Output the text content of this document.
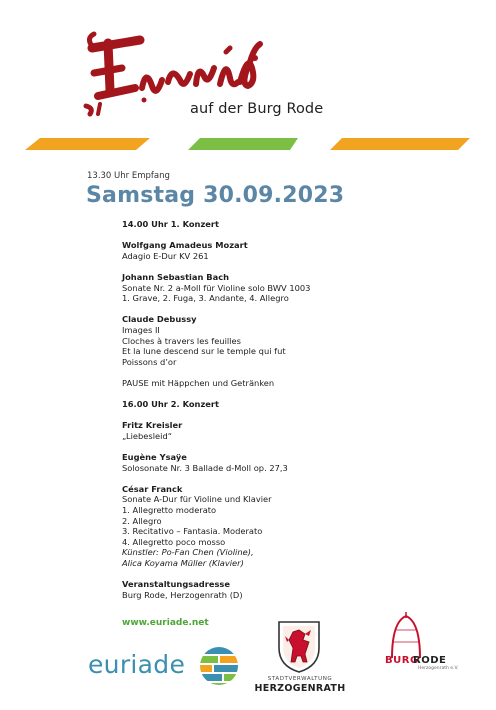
auf der Burg Rode
13.30 Uhr Empfang
Samstag 30.09.2023
14.00 Uhr 1. Konzert
Wolfgang Amadeus Mozart
Adagio E-Dur KV 261
Johann Sebastian Bach
Sonate Nr. 2 a-Moll für Violine solo BWV 1003
1. Grave, 2. Fuga, 3. Andante, 4. Allegro
Claude Debussy
Images II
Cloches à travers les feuilles
Et la lune descend sur le temple qui fut
Poissons d’or
PAUSE mit Häppchen und Getränken
16.00 Uhr 2. Konzert
Fritz Kreisler
„Liebesleid“
Eugène Ysaÿe
Solosonate Nr. 3 Ballade d-Moll op. 27,3
César Franck
Sonate A-Dur für Violine und Klavier
1. Allegretto moderato
2. Allegro
3. Recitativo – Fantasia. Moderato
4. Allegretto poco mosso
Künstler: Po-Fan Chen (Violine),
Alica Koyama Müller (Klavier)
Veranstaltungsadresse
Burg Rode, Herzogenrath (D)
www.euriade.net
euriade	STADTVERWALTUNG
HERZOGENRATH
BURG
RODE
Herzogenrath e.V.
